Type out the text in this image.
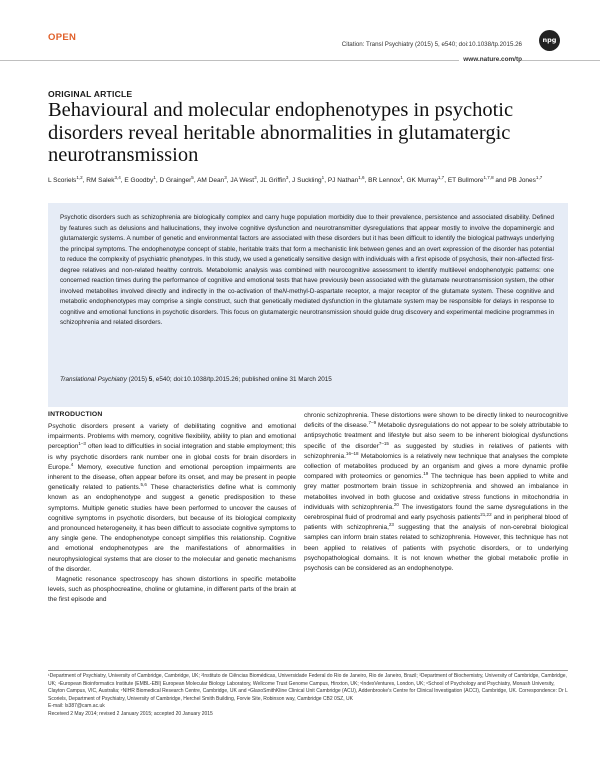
OPEN
Citation: Transl Psychiatry (2015) 5, e540; doi:10.1038/tp.2015.26
npg
www.nature.com/tp
ORIGINAL ARTICLE
Behavioural and molecular endophenotypes in psychotic disorders reveal heritable abnormalities in glutamatergic neurotransmission
L Scoriels$^{1,2}$, RM Salek$^{3,4}$, E Goodby$^1$, D Grainger$^5$, AM Dean$^3$, JA West$^3$, JL Griffin$^3$, J Suckling$^1$, PJ Nathan$^{1,6}$, BR Lennox$^1$, GK Murray$^{1,7}$, ET Bullmore$^{1,7,8}$ and PB Jones$^{1,7}$
Psychotic disorders such as schizophrenia are biologically complex and carry huge population morbidity due to their prevalence, persistence and associated disability. Defined by features such as delusions and hallucinations, they involve cognitive dysfunction and neurotransmitter dysregulations that appear mostly to involve the dopaminergic and glutamatergic systems. A number of genetic and environmental factors are associated with these disorders but it has been difficult to identify the biological pathways underlying the principal symptoms. The endophenotype concept of stable, heritable traits that form a mechanistic link between genes and an overt expression of the disorder has potential to reduce the complexity of psychiatric phenotypes. In this study, we used a genetically sensitive design with individuals with a first episode of psychosis, their non-affected first-degree relatives and non-related healthy controls. Metabolomic analysis was combined with neurocognitive assessment to identify multilevel endophenotypic patterns: one concerned reaction times during the performance of cognitive and emotional tests that have previously been associated with the glutamate neurotransmission system, the other involved metabolites involved directly and indirectly in the co-activation of theN-methyl-D-aspartate receptor, a major receptor of the glutamate system. These cognitive and metabolic endophenotypes may comprise a single construct, such that genetically mediated dysfunction in the glutamate system may be responsible for delays in response to cognitive and emotional functions in psychotic disorders. This focus on glutamatergic neurotransmission should guide drug discovery and experimental medicine programmes in schizophrenia and related disorders.
Translational Psychiatry (2015) 5, e540; doi:10.1038/tp.2015.26; published online 31 March 2015
INTRODUCTION

Psychotic disorders present a variety of debilitating cognitive and emotional impairments. Problems with memory, cognitive flexibility, ability to plan and emotional perception$^{1-3}$ often lead to difficulties in social integration and stable employment; this is why psychotic disorders rank number one in global costs for brain disorders in Europe.$^4$ Memory, executive function and emotional perception impairments are inherent to the disease, often appear before its onset, and may be present in people genetically related to patients.$^{5,6}$ These characteristics define what is commonly known as an endophenotype and suggest a genetic predisposition to these symptoms. Multiple genetic studies have been performed to uncover the causes of cognitive symptoms in psychotic disorders, but because of its biological complexity and pronounced heterogeneity, it has been difficult to associate cognitive symptoms to any single gene. The endophenotype concept simplifies this relationship. Cognitive and emotional endophenotypes are the manifestations of abnormalities in neurophysiological systems that are closer to the molecular and genetic mechanisms of the disorder.

Magnetic resonance spectroscopy has shown distortions in specific metabolite levels, such as phosphocreatine, choline or glutamine, in different parts of the brain at the first episode and

chronic schizophrenia. These distortions were shown to be directly linked to neurocognitive deficits of the disease.$^{7-9}$ Metabolic dysregulations do not appear to be solely attributable to antipsychotic treatment and lifestyle but also seem to be inherent biological dysfunctions specific of the disorder$^{7-15}$ as suggested by studies in relatives of patients with schizophrenia.$^{16-18}$ Metabolomics is a relatively new technique that analyses the complete collection of metabolites produced by an organism and gives a more dynamic profile compared with proteomics or genomics.$^{19}$ The technique has been applied to white and grey matter postmortem brain tissue in schizophrenia and showed an imbalance in metabolites involved in both glucose and oxidative stress functions in mitochondria in individuals with schizophrenia.$^{20}$ The investigators found the same dysregulations in the cerebrospinal fluid of prodromal and early psychosis patients$^{21,22}$ and in peripheral blood of patients with schizophrenia,$^{23}$ suggesting that the analysis of non-cerebral biological samples can inform brain states related to schizophrenia. However, this technique has not been applied to relatives of patients with psychotic disorders, or to underlying psychopathological domains. It is not known whether the global metabolic profile in psychosis can be considered as an endophenotype.

¹Department of Psychiatry, University of Cambridge, Cambridge, UK; ²Instituto de Ciências Biomédicas, Universidade Federal do Rio de Janeiro, Rio de Janeiro, Brazil; ³Department of Biochemistry, University of Cambridge, Cambridge, UK; ⁴European Bioinformatics Institute (EMBL-EBI) European Molecular Biology Laboratory, Wellcome Trust Genome Campus, Hinxton, UK; ⁵IndexVentures, London, UK; ⁶School of Psychology and Psychiatry, Monash University, Clayton Campus, VIC, Australia; ⁷NIHR Biomedical Research Centre, Cambridge, UK and ⁸GlaxoSmithKline Clinical Unit Cambridge (ACU), Addenbrooke's Centre for Clinical Investigation (ACCI), Cambridge, UK. Correspondence: Dr L Scoriels, Department of Psychiatry, University of Cambridge, Herchel Smith Building, Forvie Site, Robinson way, Cambridge CB2 0SZ, UK
E-mail: ls387@cam.ac.uk
Received 2 May 2014; revised 2 January 2015; accepted 20 January 2015
